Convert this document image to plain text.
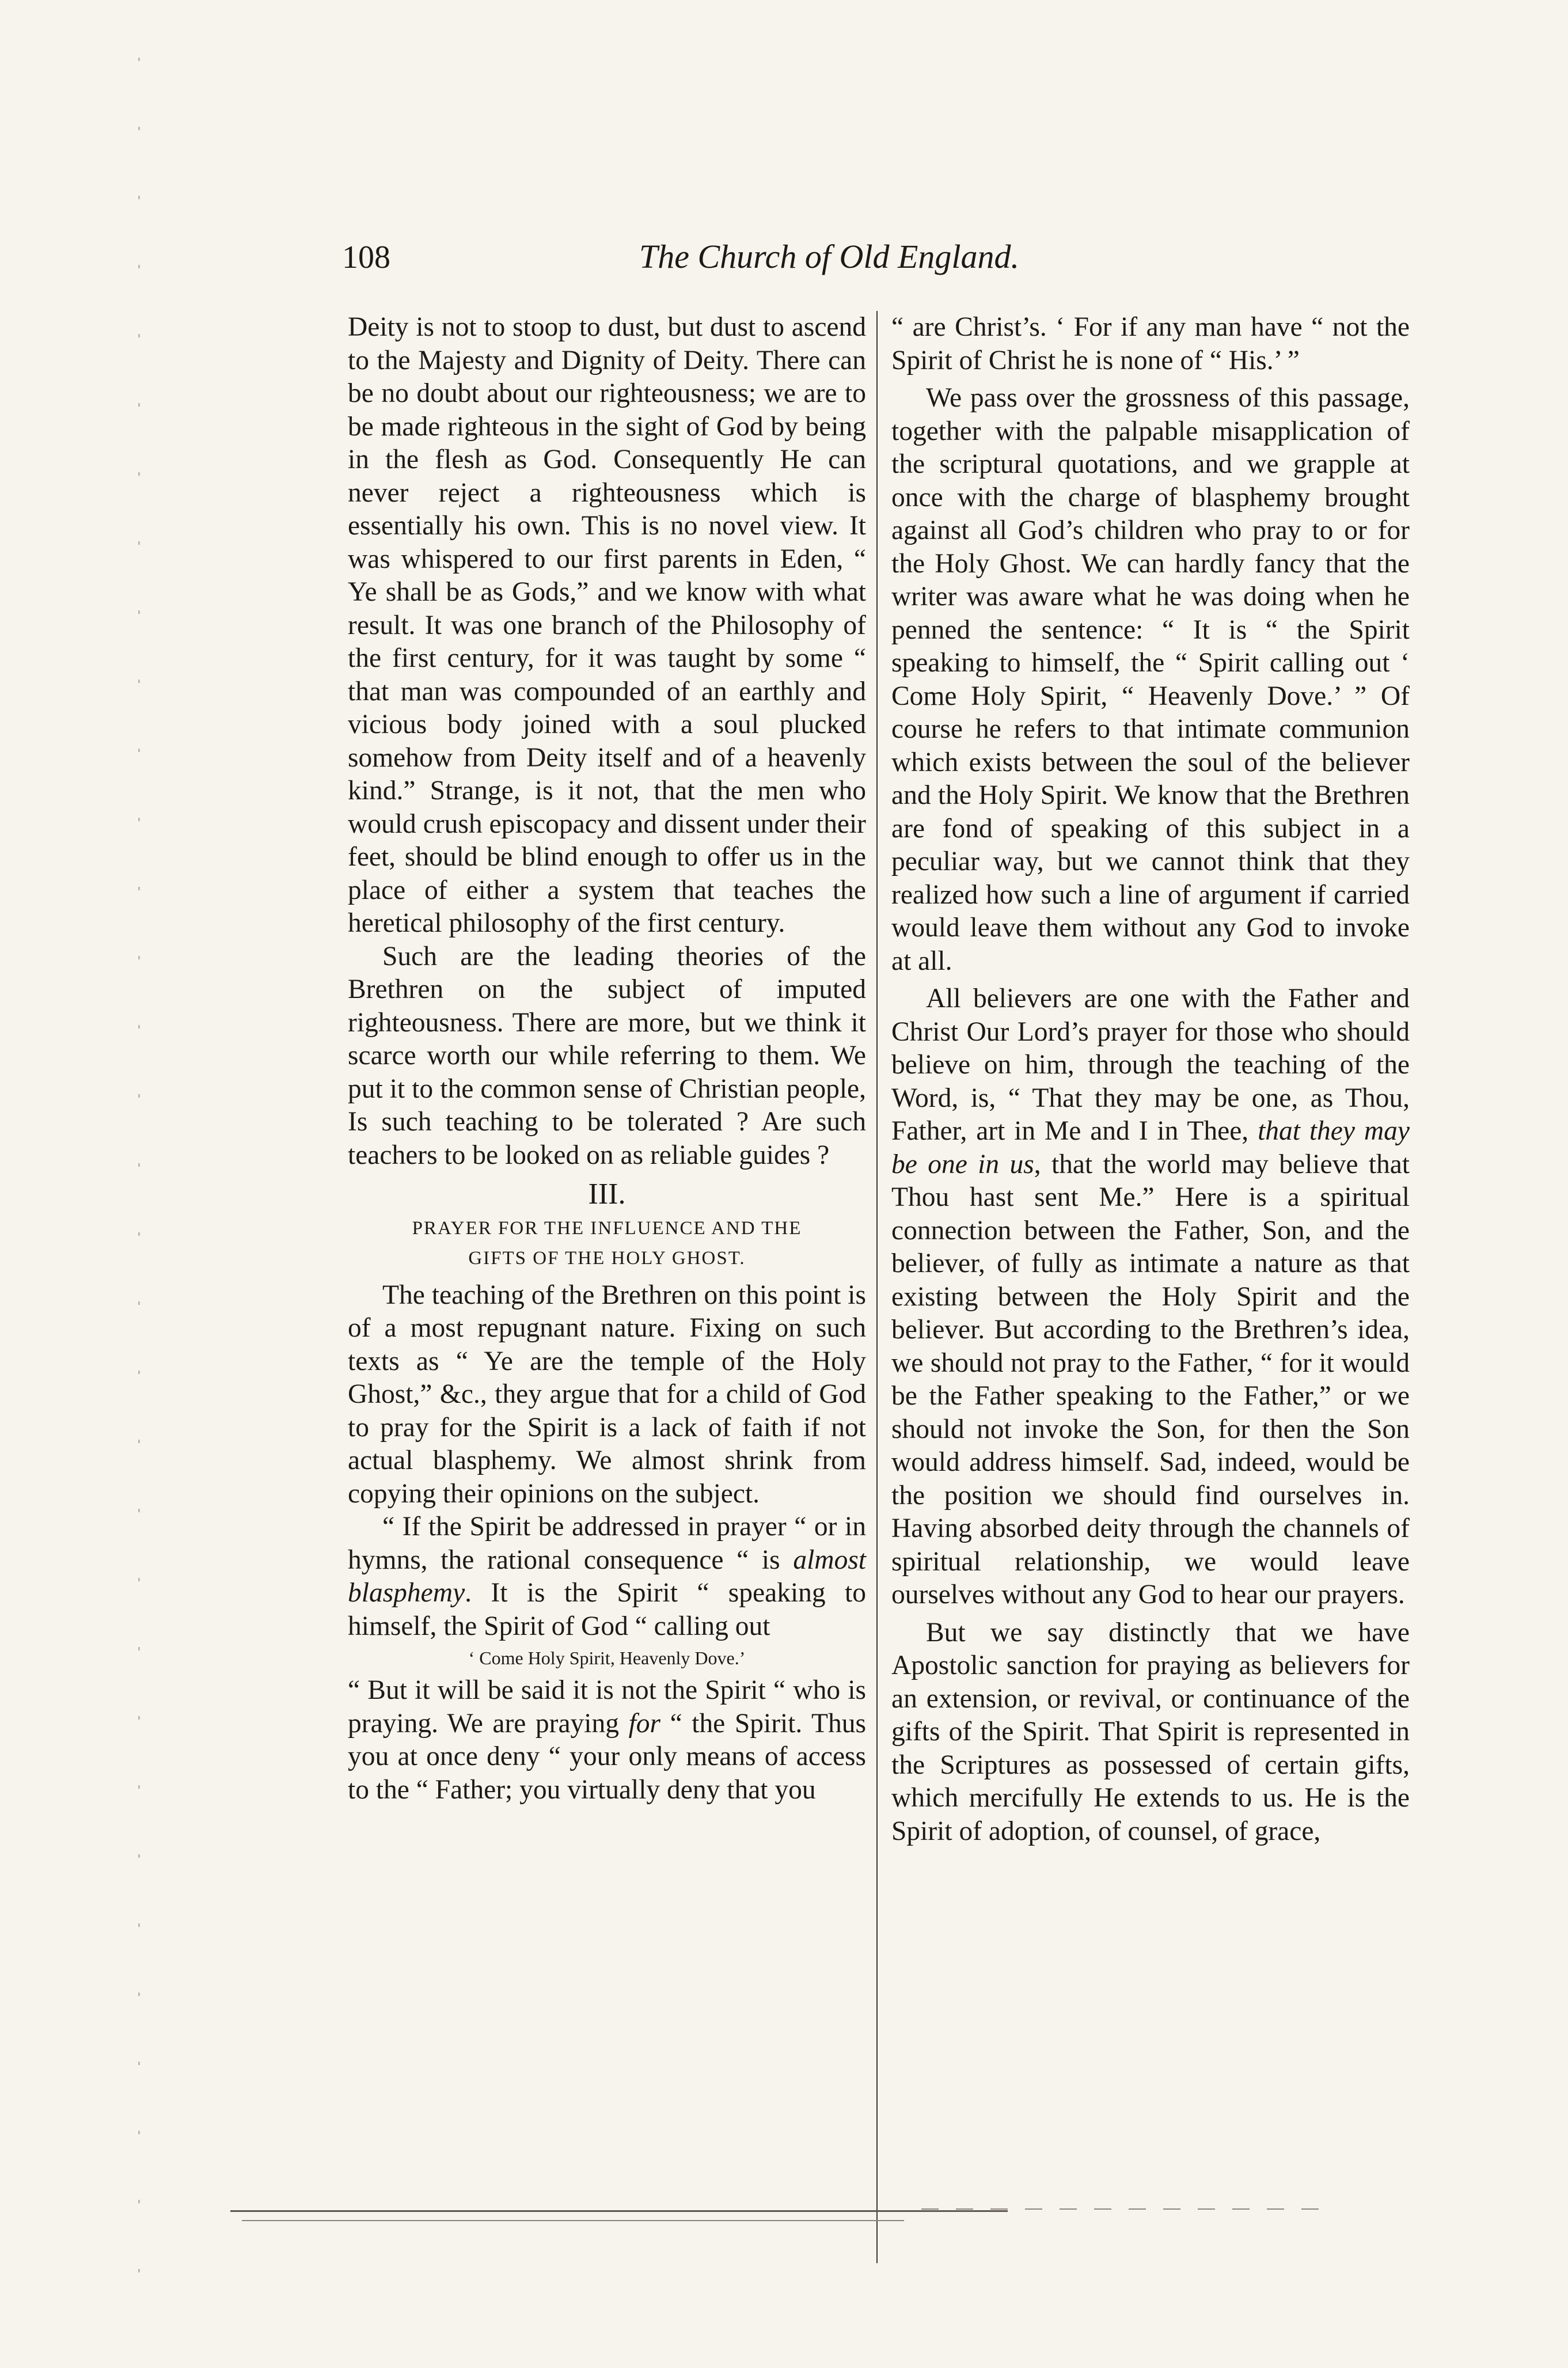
108	The Church of Old England.

Deity is not to stoop to dust, but dust to ascend to the Majesty and Dignity of Deity. There can be no doubt about our righteousness; we are to be made righteous in the sight of God by being in the flesh as God. Consequently He can never reject a righteousness which is essentially his own. This is no novel view. It was whispered to our first parents in Eden, “ Ye shall be as Gods,” and we know with what result. It was one branch of the Philosophy of the first century, for it was taught by some “ that man was compounded of an earthly and vicious body joined with a soul plucked somehow from Deity itself and of a heavenly kind.” Strange, is it not, that the men who would crush episcopacy and dissent under their feet, should be blind enough to offer us in the place of either a system that teaches the heretical philosophy of the first century.

Such are the leading theories of the Brethren on the subject of imputed righteousness. There are more, but we think it scarce worth our while referring to them. We put it to the common sense of Christian people, Is such teaching to be tolerated ? Are such teachers to be looked on as reliable guides ?

III.
PRAYER FOR THE INFLUENCE AND THE
GIFTS OF THE HOLY GHOST.

The teaching of the Brethren on this point is of a most repugnant nature. Fixing on such texts as “ Ye are the temple of the Holy Ghost,” &c., they argue that for a child of God to pray for the Spirit is a lack of faith if not actual blasphemy. We almost shrink from copying their opinions on the subject.

“ If the Spirit be addressed in prayer “ or in hymns, the rational consequence “ is almost blasphemy. It is the Spirit “ speaking to himself, the Spirit of God “ calling out

‘ Come Holy Spirit, Heavenly Dove.’

“ But it will be said it is not the Spirit “ who is praying. We are praying for “ the Spirit. Thus you at once deny “ your only means of access to the “ Father; you virtually deny that you

“ are Christ’s. ‘ For if any man have “ not the Spirit of Christ he is none of “ His.’ ”

We pass over the grossness of this passage, together with the palpable misapplication of the scriptural quotations, and we grapple at once with the charge of blasphemy brought against all God’s children who pray to or for the Holy Ghost. We can hardly fancy that the writer was aware what he was doing when he penned the sentence: “ It is “ the Spirit speaking to himself, the “ Spirit calling out ‘ Come Holy Spirit, “ Heavenly Dove.’ ” Of course he refers to that intimate communion which exists between the soul of the believer and the Holy Spirit. We know that the Brethren are fond of speaking of this subject in a peculiar way, but we cannot think that they realized how such a line of argument if carried would leave them without any God to invoke at all.

All believers are one with the Father and Christ Our Lord’s prayer for those who should believe on him, through the teaching of the Word, is, “ That they may be one, as Thou, Father, art in Me and I in Thee, that they may be one in us, that the world may believe that Thou hast sent Me.” Here is a spiritual connection between the Father, Son, and the believer, of fully as intimate a nature as that existing between the Holy Spirit and the believer. But according to the Brethren’s idea, we should not pray to the Father, “ for it would be the Father speaking to the Father,” or we should not invoke the Son, for then the Son would address himself. Sad, indeed, would be the position we should find ourselves in. Having absorbed deity through the channels of spiritual relationship, we would leave ourselves without any God to hear our prayers.

But we say distinctly that we have Apostolic sanction for praying as believers for an extension, or revival, or continuance of the gifts of the Spirit. That Spirit is represented in the Scriptures as possessed of certain gifts, which mercifully He extends to us. He is the Spirit of adoption, of counsel, of grace,
